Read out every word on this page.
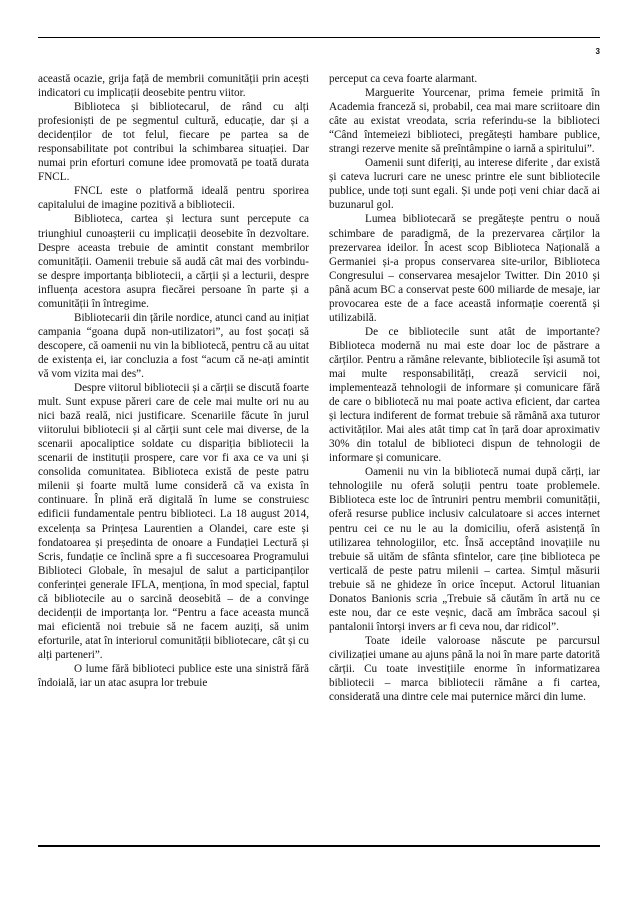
3

această ocazie, grija față de membrii comunității prin acești indicatori cu implicații deosebite pentru viitor.

Biblioteca și bibliotecarul, de rând cu alți profesioniști de pe segmentul cultură, educație, dar și a decidenților de tot felul, fiecare pe partea sa de responsabilitate pot contribui la schimbarea situației. Dar numai prin eforturi comune idee promovată pe toată durata FNCL.

FNCL este o platformă ideală pentru sporirea capitalului de imagine pozitivă a bibliotecii.

Biblioteca, cartea și lectura sunt percepute ca triunghiul cunoașterii cu implicații deosebite în dezvoltare. Despre aceasta trebuie de amintit constant membrilor comunității. Oamenii trebuie să audă cât mai des vorbindu-se despre importanța bibliotecii, a cărții și a lecturii, despre influența acestora asupra fiecărei persoane în parte și a comunității în întregime.

Bibliotecarii din țările nordice, atunci cand au inițiat campania “goana după non-utilizatori”, au fost șocați să descopere, că oamenii nu vin la bibliotecă, pentru că au uitat de existența ei, iar concluzia a fost “acum că ne-ați amintit vă vom vizita mai des”.

Despre viitorul bibliotecii și a cărții se discută foarte mult. Sunt expuse păreri care de cele mai multe ori nu au nici bază reală, nici justificare. Scenariile făcute în jurul viitorului bibliotecii și al cărții sunt cele mai diverse, de la scenarii apocaliptice soldate cu dispariția bibliotecii la scenarii de instituții prospere, care vor fi axa ce va uni și consolida comunitatea. Biblioteca există de peste patru milenii și foarte multă lume consideră că va exista în continuare. În plină eră digitală în lume se construiesc edificii fundamentale pentru biblioteci. La 18 august 2014, excelența sa Prințesa Laurentien a Olandei, care este și fondatoarea și președinta de onoare a Fundației Lectură și Scris, fundație ce înclină spre a fi succesoarea Programului Biblioteci Globale, în mesajul de salut a participanților conferinței generale IFLA, menționa, în mod special, faptul că bibliotecile au o sarcină deosebită – de a convinge decidenții de importanța lor. “Pentru a face aceasta muncă mai eficientă noi trebuie să ne facem auziți, să unim eforturile, atat în interiorul comunității bibliotecare, cât și cu alți parteneri”.

O lume fără biblioteci publice este una sinistră fără îndoială, iar un atac asupra lor trebuie

perceput ca ceva foarte alarmant.

Marguerite Yourcenar, prima femeie primită în Academia franceză si, probabil, cea mai mare scriitoare din câte au existat vreodata, scria referindu-se la biblioteci “Când întemeiezi biblioteci, pregătești hambare publice, strangi rezerve menite să preîntâmpine o iarnă a spiritului”.

Oamenii sunt diferiți, au interese diferite , dar există și cateva lucruri care ne unesc printre ele sunt bibliotecile publice, unde toți sunt egali. Și unde poți veni chiar dacă ai buzunarul gol.

Lumea bibliotecară se pregătește pentru o nouă schimbare de paradigmă, de la prezervarea cărților la prezervarea ideilor. În acest scop Biblioteca Națională a Germaniei și-a propus conservarea site-urilor, Biblioteca Congresului – conservarea mesajelor Twitter. Din 2010 și până acum BC a conservat peste 600 miliarde de mesaje, iar provocarea este de a face această informație coerentă și utilizabilă.

De ce bibliotecile sunt atât de importante? Biblioteca modernă nu mai este doar loc de păstrare a cărților. Pentru a rămâne relevante, bibliotecile își asumă tot mai multe responsabilități, crează servicii noi, implementează tehnologii de informare și comunicare fără de care o bibliotecă nu mai poate activa eficient, dar cartea și lectura indiferent de format trebuie să rămână axa tuturor activităților. Mai ales atât timp cat în țară doar aproximativ 30% din totalul de biblioteci dispun de tehnologii de informare și comunicare.

Oamenii nu vin la bibliotecă numai după cărți, iar tehnologiile nu oferă soluții pentru toate problemele. Biblioteca este loc de întruniri pentru membrii comunității, oferă resurse publice inclusiv calculatoare si acces internet pentru cei ce nu le au la domiciliu, oferă asistență în utilizarea tehnologiilor, etc. Însă acceptând inovațiile nu trebuie să uităm de sfânta sfintelor, care ține biblioteca pe verticală de peste patru milenii – cartea. Simțul măsurii trebuie să ne ghideze în orice început. Actorul lituanian Donatos Banionis scria „Trebuie să căutăm în artă nu ce este nou, dar ce este veșnic, dacă am îmbrăca sacoul și pantalonii întorși invers ar fi ceva nou, dar ridicol”.

Toate ideile valoroase născute pe parcursul civilizației umane au ajuns până la noi în mare parte datorită cărții. Cu toate investițiile enorme în informatizarea bibliotecii – marca bibliotecii rămâne a fi cartea, considerată una dintre cele mai puternice mărci din lume.
